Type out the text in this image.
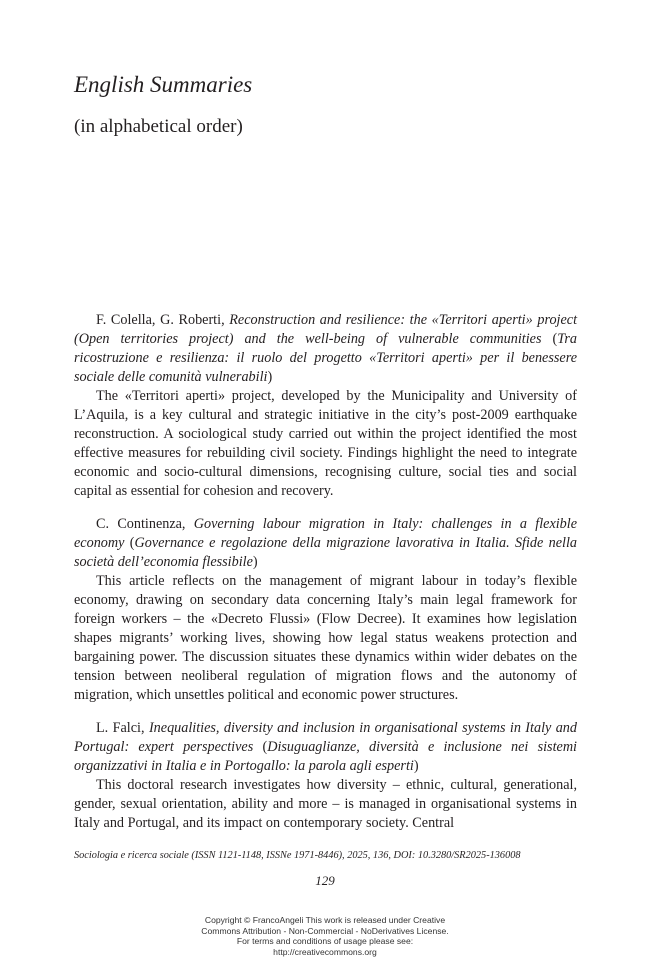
English Summaries
(in alphabetical order)

F. Colella, G. Roberti, Reconstruction and resilience: the «Territori aperti» project (Open territories project) and the well-being of vulnerable communities (Tra ricostruzione e resilienza: il ruolo del progetto «Territori aperti» per il benessere sociale delle comunità vulnerabili)

The «Territori aperti» project, developed by the Municipality and University of L’Aquila, is a key cultural and strategic initiative in the city’s post-2009 earthquake reconstruction. A sociological study carried out within the project identified the most effective measures for rebuilding civil society. Findings highlight the need to integrate economic and socio-cultural dimensions, recognising culture, social ties and social capital as essential for cohesion and recovery.

C. Continenza, Governing labour migration in Italy: challenges in a flexible economy (Governance e regolazione della migrazione lavorativa in Italia. Sfide nella società dell’economia flessibile)

This article reflects on the management of migrant labour in today’s flexible economy, drawing on secondary data concerning Italy’s main legal framework for foreign workers – the «Decreto Flussi» (Flow Decree). It examines how legislation shapes migrants’ working lives, showing how legal status weakens protection and bargaining power. The discussion situates these dynamics within wider debates on the tension between neoliberal regulation of migration flows and the autonomy of migration, which unsettles political and economic power structures.

L. Falci, Inequalities, diversity and inclusion in organisational systems in Italy and Portugal: expert perspectives (Disuguaglianze, diversità e inclusione nei sistemi organizzativi in Italia e in Portogallo: la parola agli esperti)

This doctoral research investigates how diversity – ethnic, cultural, generational, gender, sexual orientation, ability and more – is managed in organisational systems in Italy and Portugal, and its impact on contemporary society. Central

Sociologia e ricerca sociale (ISSN 1121-1148, ISSNe 1971-8446), 2025, 136, DOI: 10.3280/SR2025-136008
129
Copyright © FrancoAngeli This work is released under Creative
Commons Attribution - Non-Commercial - NoDerivatives License.
For terms and conditions of usage please see:
http://creativecommons.org
